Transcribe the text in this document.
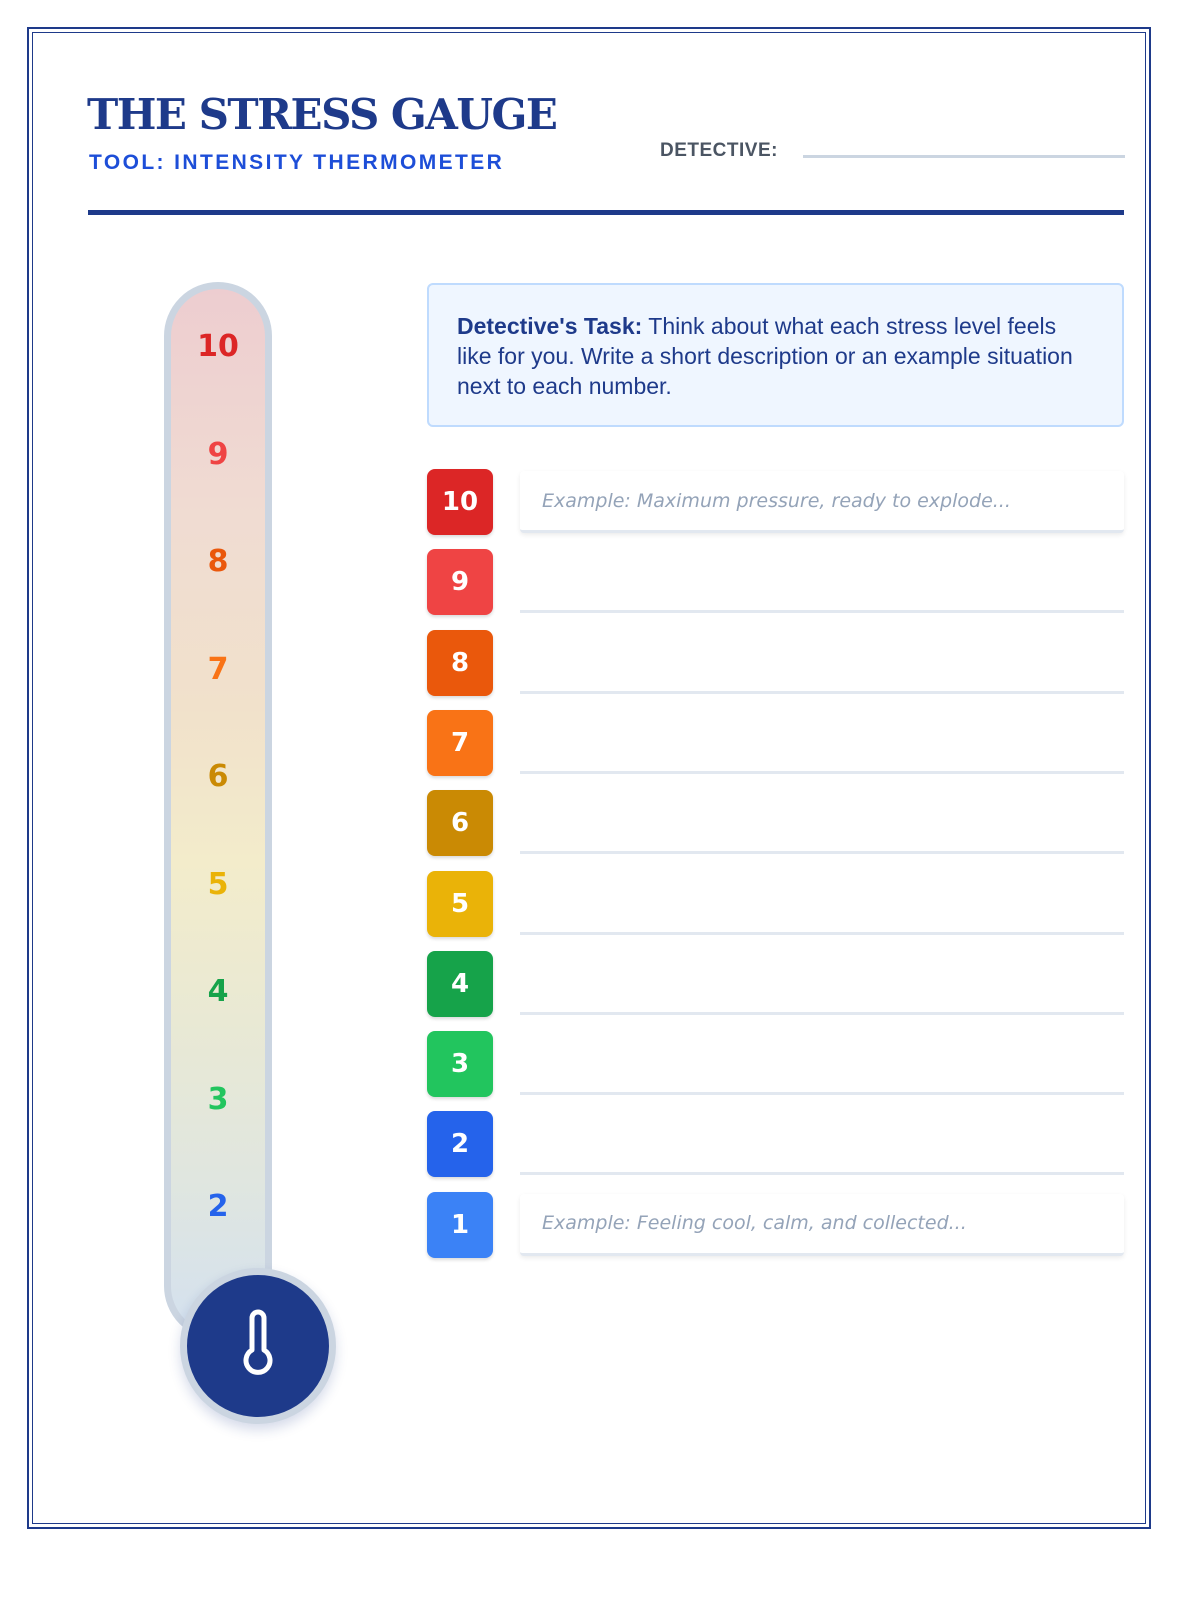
THE STRESS GAUGE
TOOL: INTENSITY THERMOMETER
DETECTIVE:
10
9
8
7
6
5
4
3
2
Detective's Task: Think about what each stress level feels like for you. Write a short description or an example situation next to each number.
10	Example: Maximum pressure, ready to explode...
9
8
7
6
5
4
3
2
1	Example: Feeling cool, calm, and collected...
